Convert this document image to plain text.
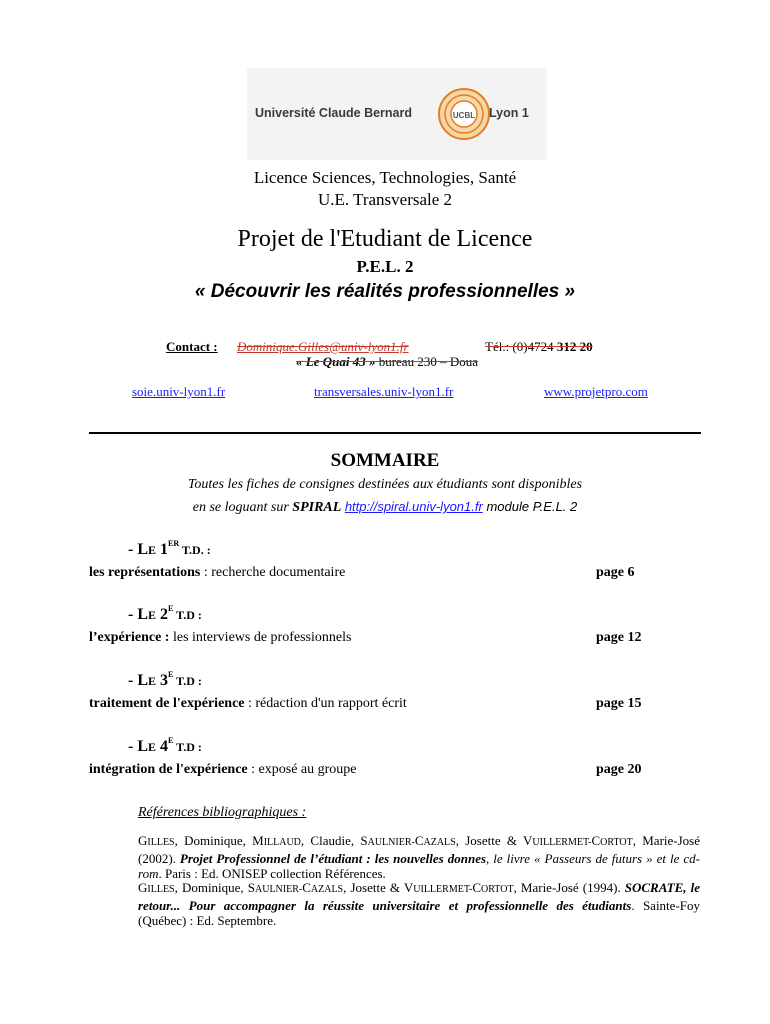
Université Claude Bernard	UCBL Lyon 1
Licence Sciences, Technologies, Santé
U.E. Transversale 2
Projet de l'Etudiant de Licence
P.E.L. 2
« Découvrir les réalités professionnelles »
Contact : Dominique.Gilles@univ-lyon1.fr	Tél.: (0)4724 312 20
« Le Quai 43 » bureau 230 – Doua
soie.univ-lyon1.fr	transversales.univ-lyon1.fr	www.projetpro.com
SOMMAIRE
Toutes les fiches de consignes destinées aux étudiants sont disponibles
en se loguant sur SPIRAL http://spiral.univ-lyon1.fr module P.E.L. 2
- LE 1ER T.D. :
les représentations : recherche documentaire	page 6
- LE $2^E$ T.D :
l’expérience : les interviews de professionnels	page 12
- LE $3^E$ T.D :
traitement de l'expérience : rédaction d'un rapport écrit	page 15
- LE $4^E$ T.D :
intégration de l'expérience : exposé au groupe	page 20
Références bibliographiques :
GILLES, Dominique, MILLAUD, Claudie, SAULNIER-CAZALS, Josette & VUILLERMET-CORTOT, Marie-José (2002). Projet Professionnel de l’étudiant : les nouvelles donnes, le livre « Passeurs de futurs » et le cd-rom. Paris : Ed. ONISEP collection Références.
GILLES, Dominique, SAULNIER-CAZALS, Josette & VUILLERMET-CORTOT, Marie-José (1994). SOCRATE, le retour... Pour accompagner la réussite universitaire et professionnelle des étudiants. Sainte-Foy (Québec) : Ed. Septembre.
